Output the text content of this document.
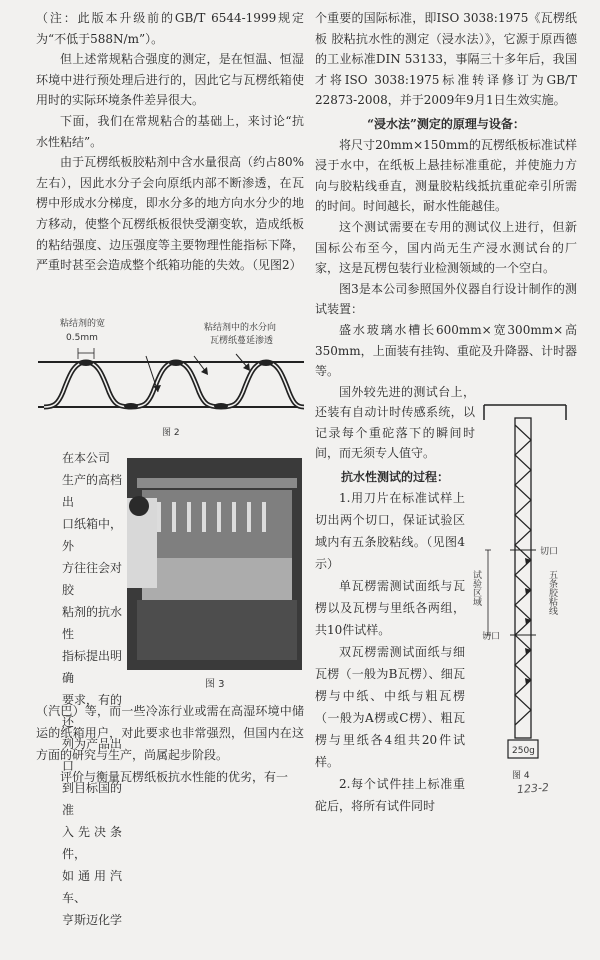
（注：此版本升级前的GB/T 6544-1999规定为“不低于588N/m”）。

但上述常规粘合强度的测定，是在恒温、恒湿环境中进行预处理后进行的，因此它与瓦楞纸箱使用时的实际环境条件差异很大。

下面，我们在常规粘合的基础上，来讨论“抗水性粘结”。

由于瓦楞纸板胶粘剂中含水量很高（约占80%左右），因此水分子会向原纸内部不断渗透，在瓦楞中形成水分梯度，即水分多的地方向水分少的地方移动，使整个瓦楞纸板很快受潮变软，造成纸板的粘结强度、边压强度等主要物理性能指标下降，严重时甚至会造成整个纸箱功能的失效。（见图2）

粘结剂的宽
0.5mm
粘结剂中的水分向
瓦楞纸蔓延渗透
图 2

在本公司

生产的高档出

口纸箱中，外

方往往会对胶

粘剂的抗水性

指标提出明确

要求，有的还

列为产品出口

到目标国的准

入先决条件，

如通用汽车、

亨斯迈化学

图 3

（汽巴）等，而一些冷冻行业或需在高湿环境中储运的纸箱用户，对此要求也非常强烈，但国内在这方面的研究与生产，尚属起步阶段。

评价与衡量瓦楞纸板抗水性能的优劣，有一

个重要的国际标准，即ISO 3038:1975《瓦楞纸板 胶粘抗水性的测定（浸水法）》，它源于原西德的工业标准DIN 53133，事隔三十多年后，我国才将ISO 3038:1975标准转译修订为GB/T 22873-2008，并于2009年9月1日生效实施。

“浸水法”测定的原理与设备：

将尺寸20mm×150mm的瓦楞纸板标准试样浸于水中，在纸板上悬挂标准重砣，并使施力方向与胶粘线垂直，测量胶粘线抵抗重砣牵引所需的时间。时间越长，耐水性能越佳。

这个测试需要在专用的测试仪上进行，但新国标公布至今，国内尚无生产浸水测试台的厂家，这是瓦楞包装行业检测领域的一个空白。

图3是本公司参照国外仪器自行设计制作的测试装置：

盛水玻璃水槽长600mm×宽300mm×高350mm，上面装有挂钩、重砣及升降器、计时器等。

国外较先进的测试台上，还装有自动计时传感系统，以记录每个重砣落下的瞬间时间，而无须专人值守。

抗水性测试的过程：

1.用刀片在标准试样上切出两个切口，保证试验区域内有五条胶粘线。（见图4示）

单瓦楞需测试面纸与瓦楞以及瓦楞与里纸各两组，共10件试样。

双瓦楞需测试面纸与细瓦楞（一般为B瓦楞）、细瓦楞与中纸、中纸与粗瓦楞（一般为A楞或C楞）、粗瓦楞与里纸各4组共20件试样。

2.每个试件挂上标准重砣后，将所有试件同时

切口
切口
试验区域	五条胶粘线
250g
图 4
123-2
